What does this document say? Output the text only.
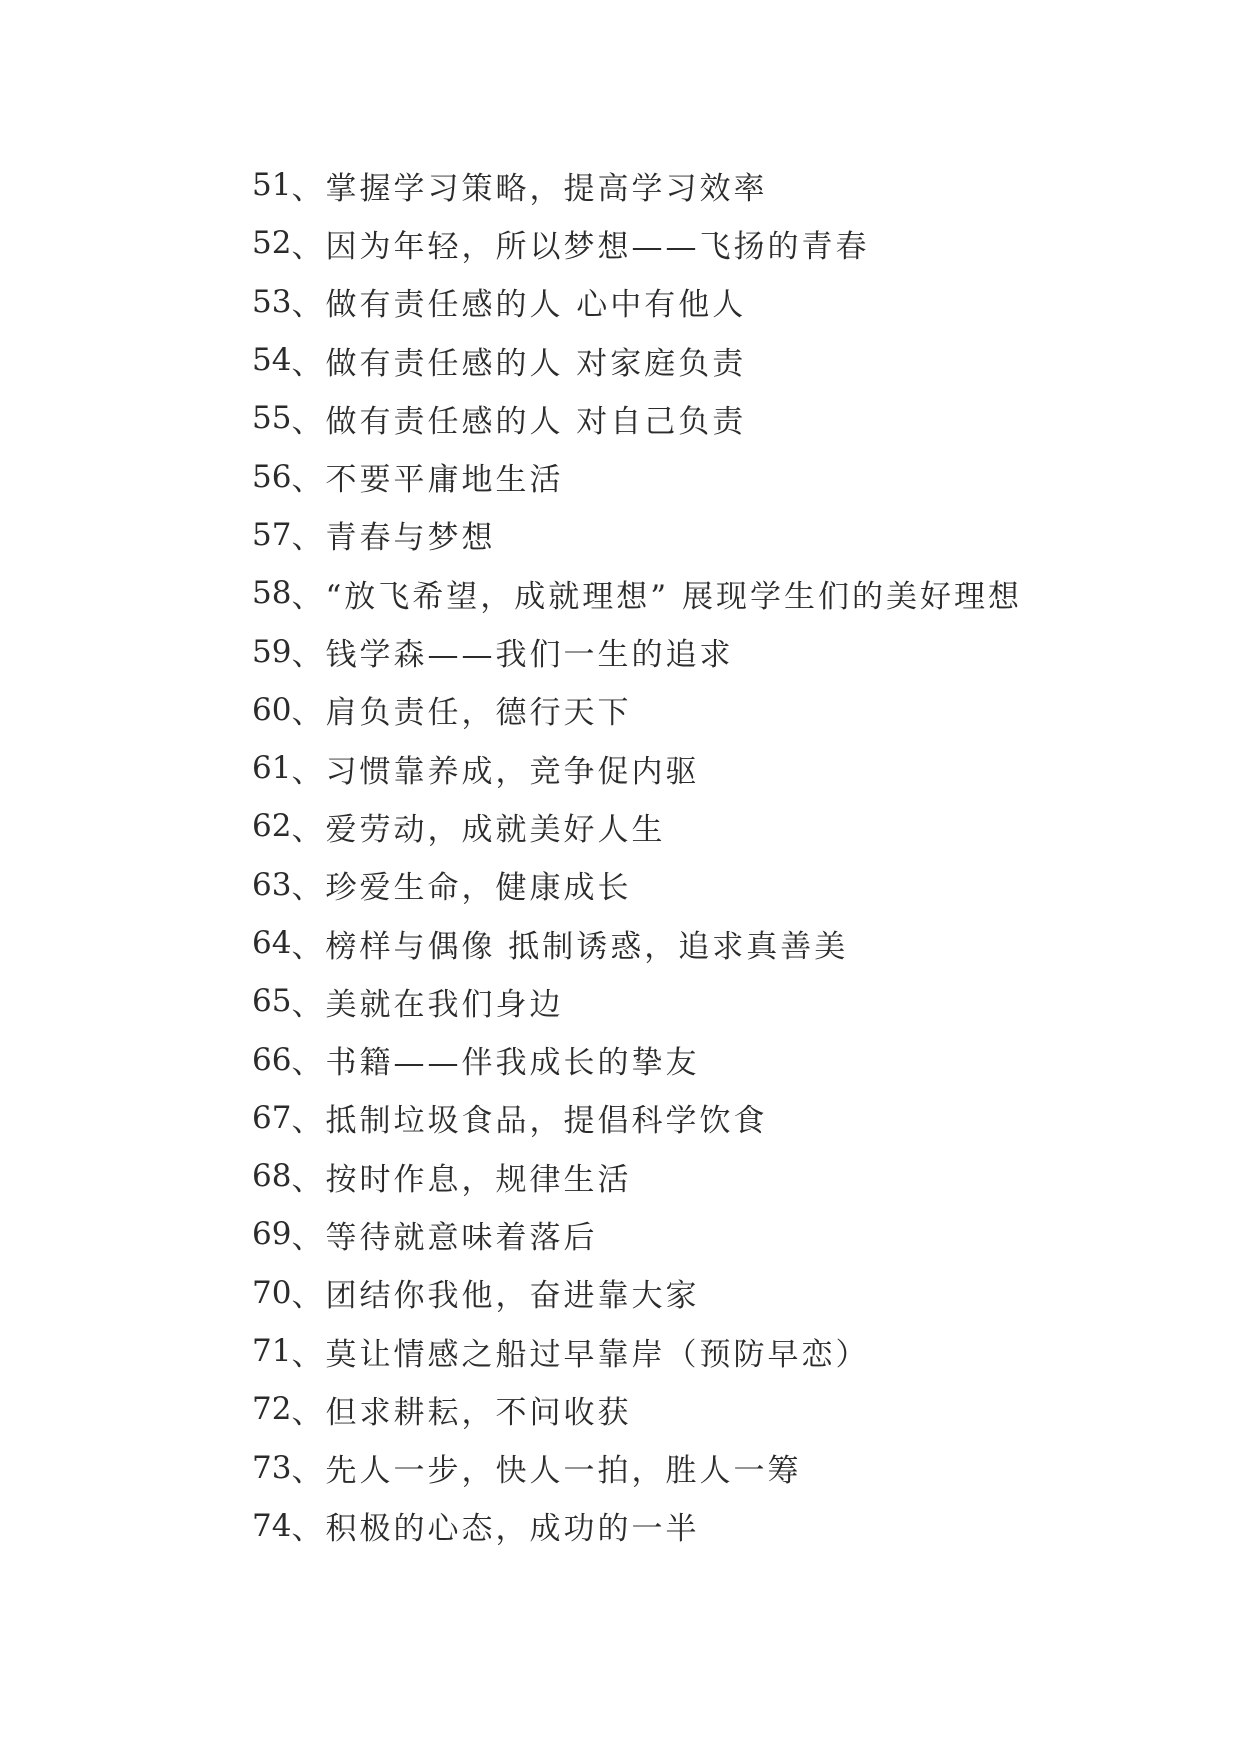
51 、 掌握学习策略，提高学习效率
52 、 因为年轻，所以梦想——飞扬的青春
53 、 做有责任感的人 心中有他人
54 、 做有责任感的人 对家庭负责
55 、 做有责任感的人 对自己负责
56 、 不要平庸地生活
57 、 青春与梦想
58 、 “放飞希望，成就理想” 展现学生们的美好理想
59 、 钱学森——我们一生的追求
60 、 肩负责任，德行天下
61 、 习惯靠养成，竞争促内驱
62 、 爱劳动，成就美好人生
63 、 珍爱生命，健康成长
64 、 榜样与偶像 抵制诱惑，追求真善美
65 、 美就在我们身边
66 、 书籍——伴我成长的挚友
67 、 抵制垃圾食品，提倡科学饮食
68 、 按时作息，规律生活
69 、 等待就意味着落后
70 、 团结你我他，奋进靠大家
71 、 莫让情感之船过早靠岸（预防早恋）
72 、 但求耕耘，不问收获
73 、 先人一步，快人一拍，胜人一筹
74 、 积极的心态，成功的一半
